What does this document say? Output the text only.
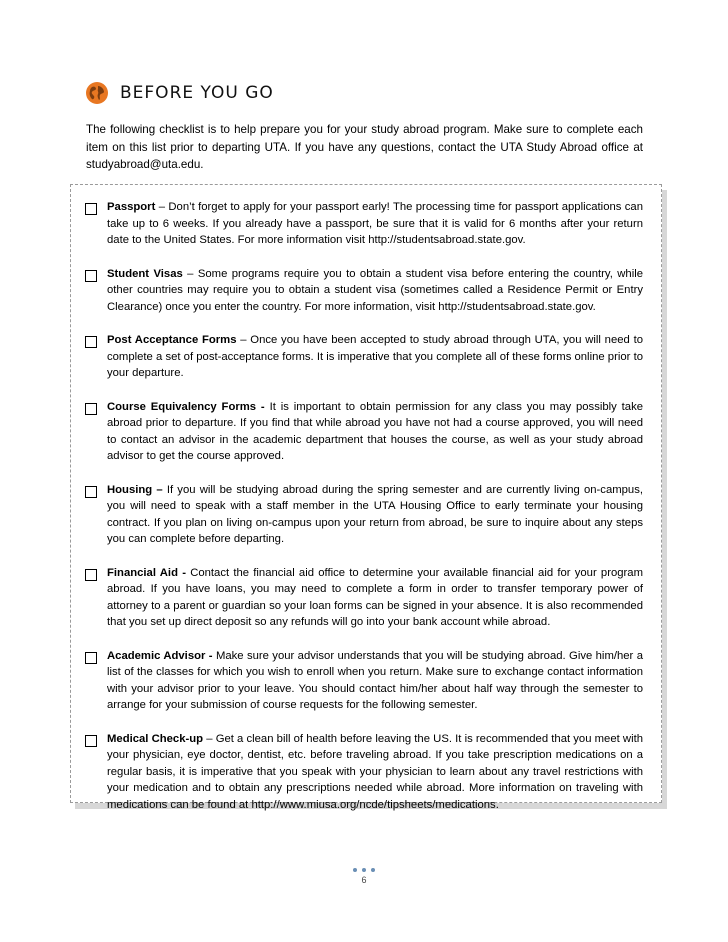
BEFORE YOU GO

The following checklist is to help prepare you for your study abroad program. Make sure to complete each item on this list prior to departing UTA. If you have any questions, contact the UTA Study Abroad office at studyabroad@uta.edu.

Passport – Don’t forget to apply for your passport early! The processing time for passport applications can take up to 6 weeks. If you already have a passport, be sure that it is valid for 6 months after your return date to the United States. For more information visit http://studentsabroad.state.gov.

Student Visas – Some programs require you to obtain a student visa before entering the country, while other countries may require you to obtain a student visa (sometimes called a Residence Permit or Entry Clearance) once you enter the country. For more information, visit http://studentsabroad.state.gov.

Post Acceptance Forms – Once you have been accepted to study abroad through UTA, you will need to complete a set of post-acceptance forms. It is imperative that you complete all of these forms online prior to your departure.

Course Equivalency Forms - It is important to obtain permission for any class you may possibly take abroad prior to departure. If you find that while abroad you have not had a course approved, you will need to contact an advisor in the academic department that houses the course, as well as your study abroad advisor to get the course approved.

Housing – If you will be studying abroad during the spring semester and are currently living on-campus, you will need to speak with a staff member in the UTA Housing Office to early terminate your housing contract. If you plan on living on-campus upon your return from abroad, be sure to inquire about any steps you can complete before departing.

Financial Aid - Contact the financial aid office to determine your available financial aid for your program abroad. If you have loans, you may need to complete a form in order to transfer temporary power of attorney to a parent or guardian so your loan forms can be signed in your absence. It is also recommended that you set up direct deposit so any refunds will go into your bank account while abroad.

Academic Advisor - Make sure your advisor understands that you will be studying abroad. Give him/her a list of the classes for which you wish to enroll when you return. Make sure to exchange contact information with your advisor prior to your leave. You should contact him/her about half way through the semester to arrange for your submission of course requests for the following semester.

Medical Check-up – Get a clean bill of health before leaving the US. It is recommended that you meet with your physician, eye doctor, dentist, etc. before traveling abroad. If you take prescription medications on a regular basis, it is imperative that you speak with your physician to learn about any travel restrictions with your medication and to obtain any prescriptions needed while abroad. More information on traveling with medications can be found at http://www.miusa.org/ncde/tipsheets/medications.

6
